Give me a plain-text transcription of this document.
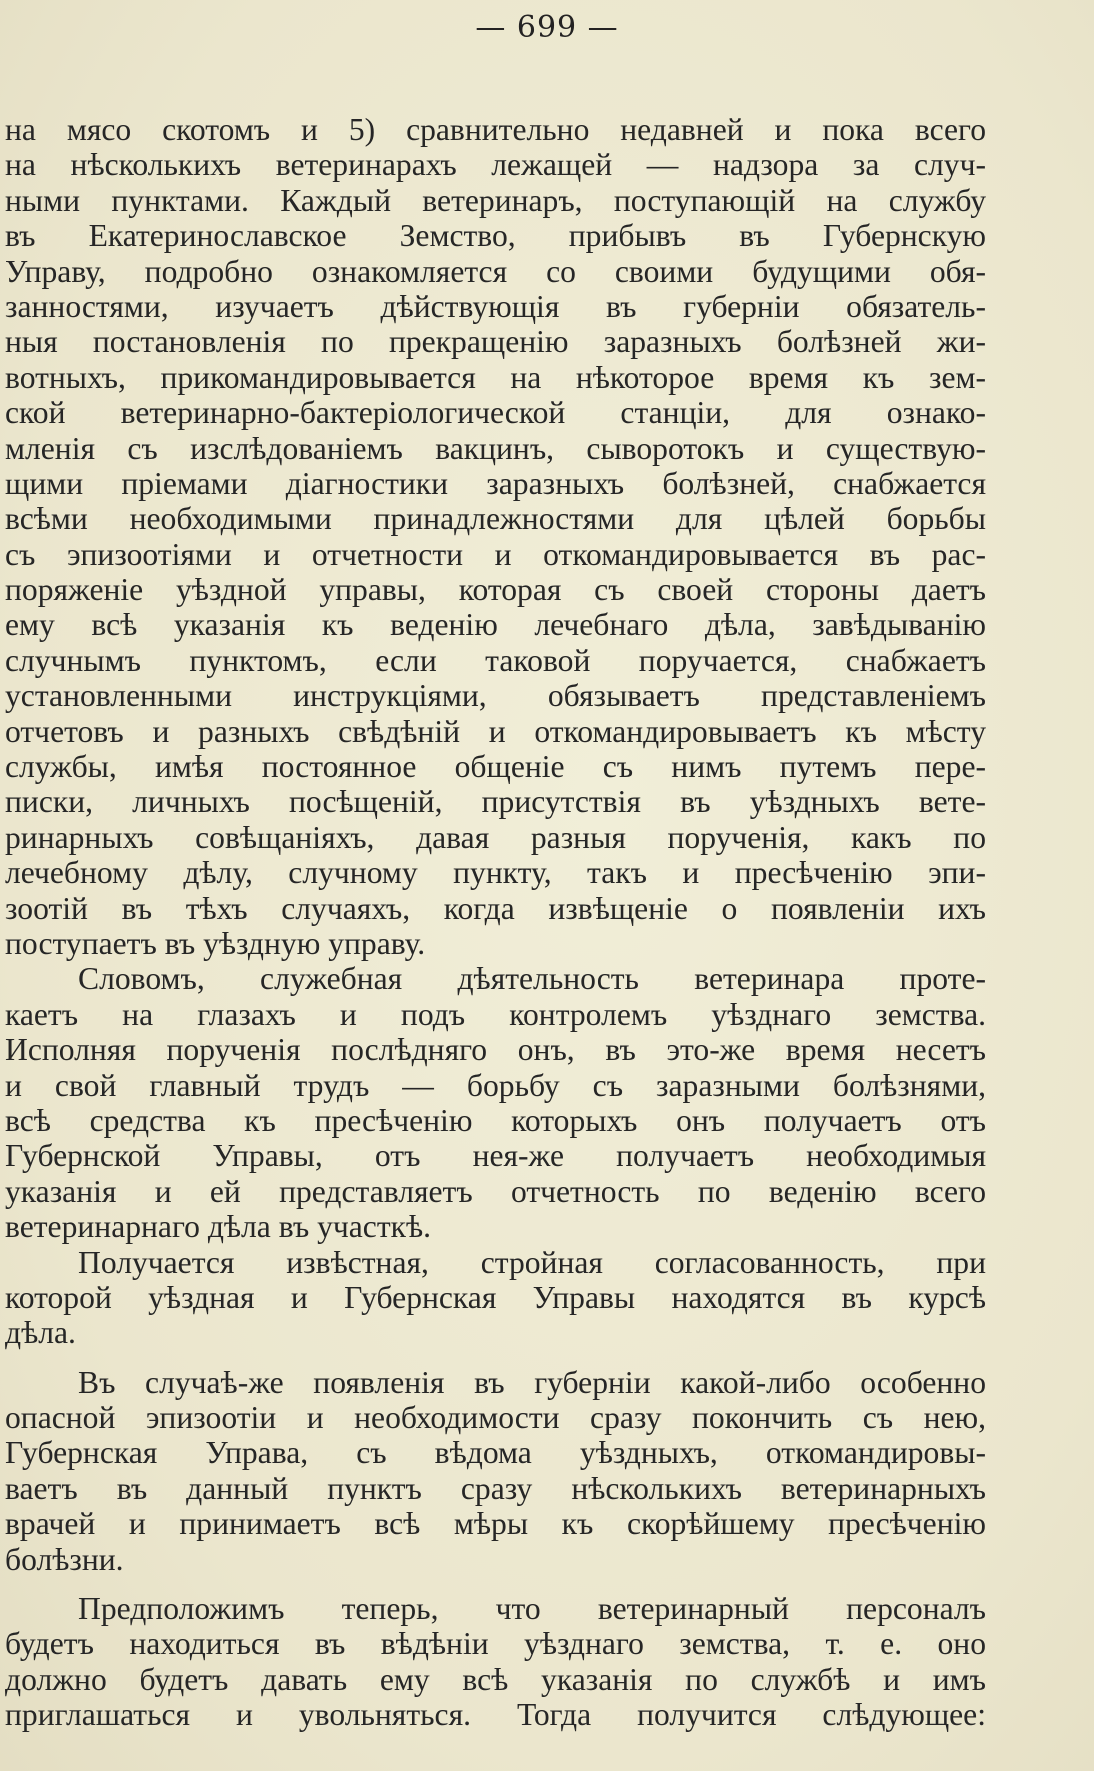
— 699 —
на мясо скотомъ и 5) сравнительно недавней и пока всего
на нѣсколькихъ ветеринарахъ лежащей — надзора за случ-
ными пунктами. Каждый ветеринаръ, поступающій на службу
въ Екатеринославское Земство, прибывъ въ Губернскую
Управу, подробно ознакомляется со своими будущими обя-
занностями, изучаетъ дѣйствующія въ губерніи обязатель-
ныя постановленія по прекращенію заразныхъ болѣзней жи-
вотныхъ, прикомандировывается на нѣкоторое время къ зем-
ской ветеринарно-бактеріологической станціи, для ознако-
мленія съ изслѣдованіемъ вакцинъ, сыворотокъ и существую-
щими пріемами діагностики заразныхъ болѣзней, снабжается
всѣми необходимыми принадлежностями для цѣлей борьбы
съ эпизоотіями и отчетности и откомандировывается въ рас-
поряженіе уѣздной управы, которая съ своей стороны даетъ
ему всѣ указанія къ веденію лечебнаго дѣла, завѣдыванію
случнымъ пунктомъ, если таковой поручается, снабжаетъ
установленными инструкціями, обязываетъ представленіемъ
отчетовъ и разныхъ свѣдѣній и откомандировываетъ къ мѣсту
службы, имѣя постоянное общеніе съ нимъ путемъ пере-
писки, личныхъ посѣщеній, присутствія въ уѣздныхъ вете-
ринарныхъ совѣщаніяхъ, давая разныя порученія, какъ по
лечебному дѣлу, случному пункту, такъ и пресѣченію эпи-
зоотій въ тѣхъ случаяхъ, когда извѣщеніе о появленіи ихъ
поступаетъ въ уѣздную управу.
Словомъ, служебная дѣятельность ветеринара протe-
каетъ на глазахъ и подъ контролемъ уѣзднаго земства.
Исполняя порученія послѣдняго онъ, въ это-же время несетъ
и свой главный трудъ — борьбу съ заразными болѣзнями,
всѣ средства къ пресѣченію которыхъ онъ получаетъ отъ
Губернской Управы, отъ нея-же получаетъ необходимыя
указанія и ей представляетъ отчетность по веденію всего
ветеринарнаго дѣла въ участкѣ.
Получается извѣстная, стройная согласованность, при
которой уѣздная и Губернская Управы находятся въ курсѣ
дѣла.
Въ случаѣ-же появленія въ губерніи какой-либо особенно
опасной эпизоотіи и необходимости сразу покончить съ нею,
Губернская Управа, съ вѣдома уѣздныхъ, откомандировы-
ваетъ въ данный пунктъ сразу нѣсколькихъ ветеринарныхъ
врачей и принимаетъ всѣ мѣры къ скорѣйшему пресѣченію
болѣзни.
Предположимъ теперь, что ветеринарный персоналъ
будетъ находиться въ вѣдѣніи уѣзднаго земства, т. е. оно
должно будетъ давать ему всѣ указанія по службѣ и имъ
приглашаться и увольняться. Тогда получится слѣдующее:
